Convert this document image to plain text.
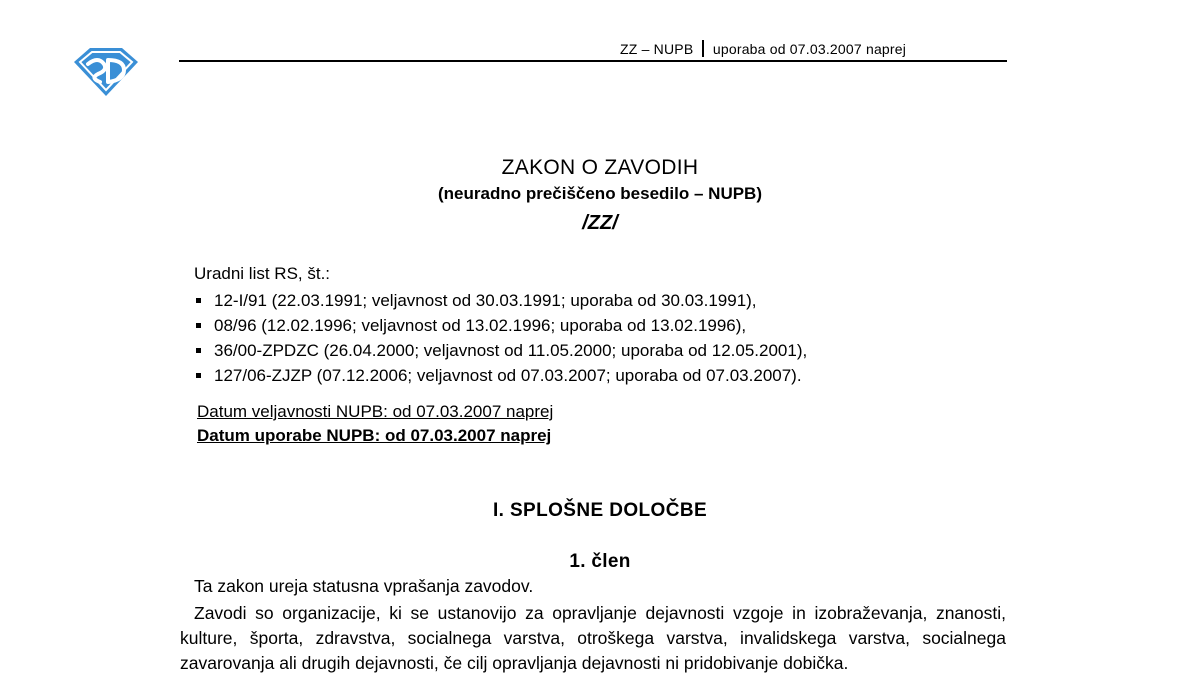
ZZ – NUPB uporaba od 07.03.2007 naprej
ZAKON O ZAVODIH
(neuradno prečiščeno besedilo – NUPB)
/ZZ/
Uradni list RS, št.:
12-I/91 (22.03.1991; veljavnost od 30.03.1991; uporaba od 30.03.1991),
08/96 (12.02.1996; veljavnost od 13.02.1996; uporaba od 13.02.1996),
36/00-ZPDZC (26.04.2000; veljavnost od 11.05.2000; uporaba od 12.05.2001),
127/06-ZJZP (07.12.2006; veljavnost od 07.03.2007; uporaba od 07.03.2007).
Datum veljavnosti NUPB: od 07.03.2007 naprej
Datum uporabe NUPB: od 07.03.2007 naprej
I. SPLOŠNE DOLOČBE
1. člen
Ta zakon ureja statusna vprašanja zavodov.

Zavodi so organizacije, ki se ustanovijo za opravljanje dejavnosti vzgoje in izobraževanja, znanosti, kulture, športa, zdravstva, socialnega varstva, otroškega varstva, invalidskega varstva, socialnega zavarovanja ali drugih dejavnosti, če cilj opravljanja dejavnosti ni pridobivanje dobička.
